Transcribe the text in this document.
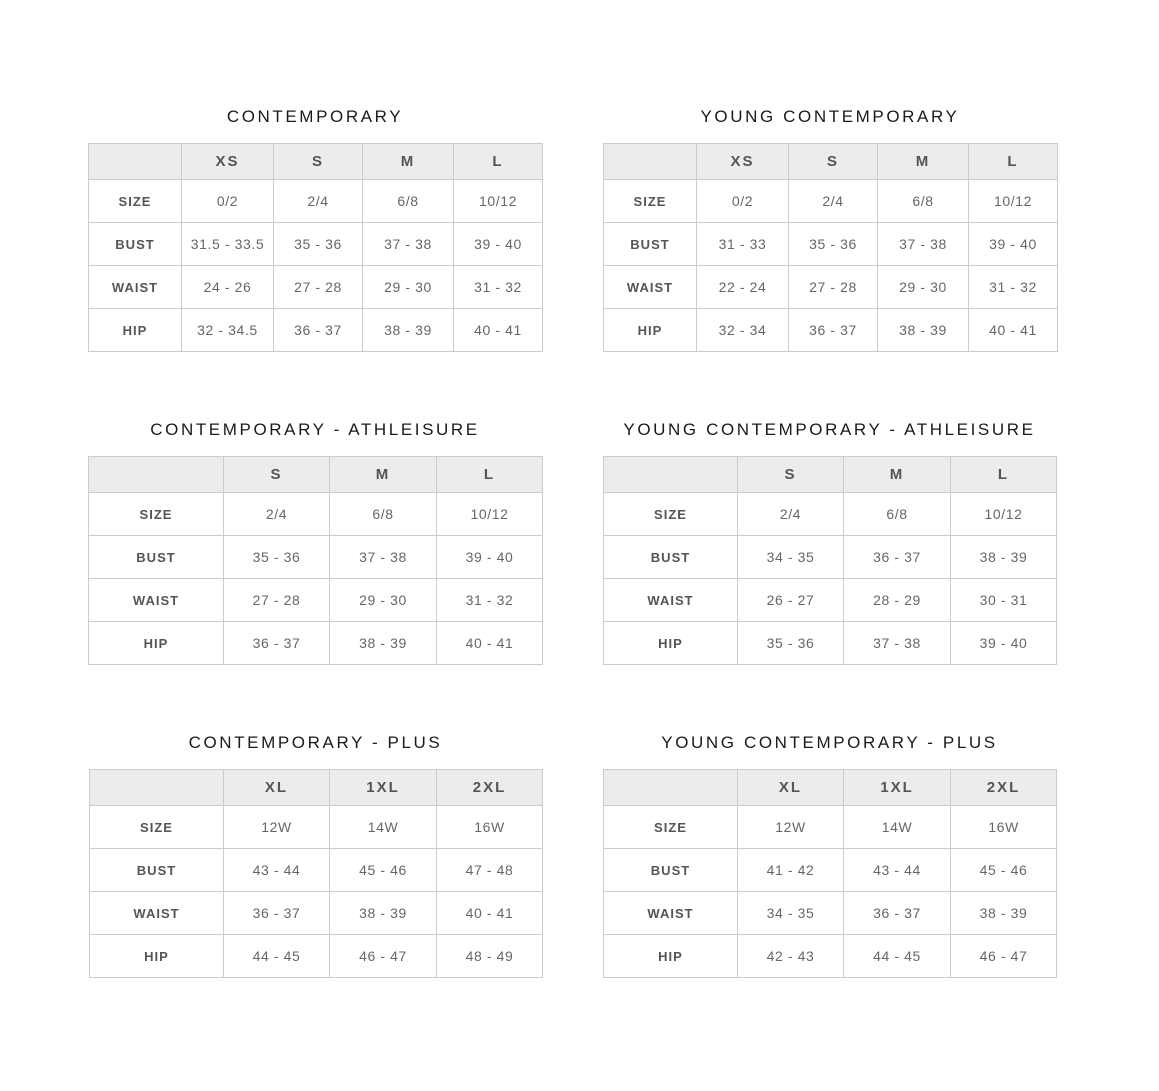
CONTEMPORARY
	XS	S	M	L
SIZE	0/2	2/4	6/8	10/12
BUST	31.5 - 33.5	35 - 36	37 - 38	39 - 40
WAIST	24 - 26	27 - 28	29 - 30	31 - 32
HIP	32 - 34.5	36 - 37	38 - 39	40 - 41
YOUNG CONTEMPORARY
	XS	S	M	L
SIZE	0/2	2/4	6/8	10/12
BUST	31 - 33	35 - 36	37 - 38	39 - 40
WAIST	22 - 24	27 - 28	29 - 30	31 - 32
HIP	32 - 34	36 - 37	38 - 39	40 - 41
CONTEMPORARY - ATHLEISURE
	S	M	L
SIZE	2/4	6/8	10/12
BUST	35 - 36	37 - 38	39 - 40
WAIST	27 - 28	29 - 30	31 - 32
HIP	36 - 37	38 - 39	40 - 41
YOUNG CONTEMPORARY - ATHLEISURE
	S	M	L
SIZE	2/4	6/8	10/12
BUST	34 - 35	36 - 37	38 - 39
WAIST	26 - 27	28 - 29	30 - 31
HIP	35 - 36	37 - 38	39 - 40
CONTEMPORARY - PLUS
	XL	1XL	2XL
SIZE	12W	14W	16W
BUST	43 - 44	45 - 46	47 - 48
WAIST	36 - 37	38 - 39	40 - 41
HIP	44 - 45	46 - 47	48 - 49
YOUNG CONTEMPORARY - PLUS
	XL	1XL	2XL
SIZE	12W	14W	16W
BUST	41 - 42	43 - 44	45 - 46
WAIST	34 - 35	36 - 37	38 - 39
HIP	42 - 43	44 - 45	46 - 47
